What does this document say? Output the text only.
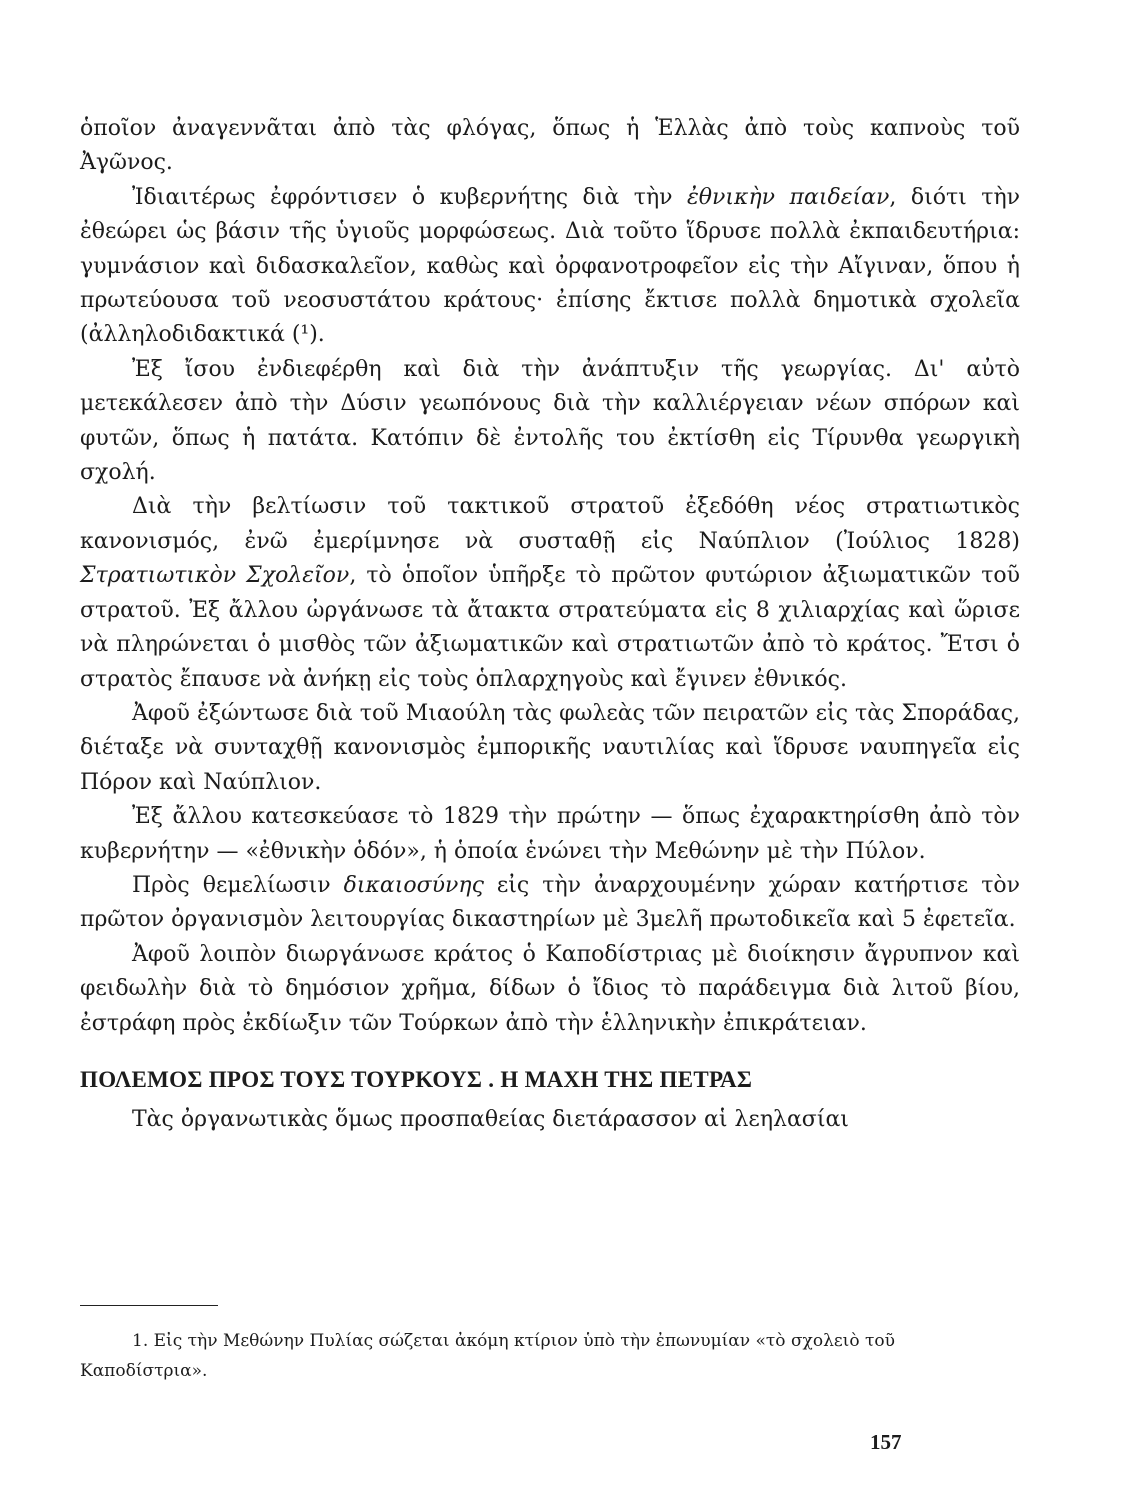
ὁποῖον ἀναγεννᾶται ἀπὸ τὰς φλόγας, ὅπως ἡ Ἑλλὰς ἀπὸ τοὺς καπνοὺς τοῦ Ἀγῶνος.

Ἰδιαιτέρως ἐφρόντισεν ὁ κυβερνήτης διὰ τὴν ἐθνικὴν παιδείαν, διότι τὴν ἐθεώρει ὡς βάσιν τῆς ὑγιοῦς μορφώσεως. Διὰ τοῦτο ἵδρυσε πολλὰ ἐκπαιδευτήρια: γυμνάσιον καὶ διδασκαλεῖον, καθὼς καὶ ὀρφανοτροφεῖον εἰς τὴν Αἴγιναν, ὅπου ἡ πρωτεύουσα τοῦ νεοσυστάτου κράτους· ἐπίσης ἔκτισε πολλὰ δημοτικὰ σχολεῖα (ἀλληλοδιδακτικά (¹).

Ἐξ ἴσου ἐνδιεφέρθη καὶ διὰ τὴν ἀνάπτυξιν τῆς γεωργίας. Δι' αὐτὸ μετεκάλεσεν ἀπὸ τὴν Δύσιν γεωπόνους διὰ τὴν καλλιέργειαν νέων σπόρων καὶ φυτῶν, ὅπως ἡ πατάτα. Κατόπιν δὲ ἐντολῆς του ἐκτίσθη εἰς Τίρυνθα γεωργικὴ σχολή.

Διὰ τὴν βελτίωσιν τοῦ τακτικοῦ στρατοῦ ἐξεδόθη νέος στρατιωτικὸς κανονισμός, ἐνῶ ἐμερίμνησε νὰ συσταθῇ εἰς Ναύπλιον (Ἰούλιος 1828) Στρατιωτικὸν Σχολεῖον, τὸ ὁποῖον ὑπῆρξε τὸ πρῶτον φυτώριον ἀξιωματικῶν τοῦ στρατοῦ. Ἐξ ἄλλου ὠργάνωσε τὰ ἄτακτα στρατεύματα εἰς 8 χιλιαρχίας καὶ ὥρισε νὰ πληρώνεται ὁ μισθὸς τῶν ἀξιωματικῶν καὶ στρατιωτῶν ἀπὸ τὸ κράτος. Ἔτσι ὁ στρατὸς ἔπαυσε νὰ ἀνήκῃ εἰς τοὺς ὁπλαρχηγοὺς καὶ ἔγινεν ἐθνικός.

Ἀφοῦ ἐξώντωσε διὰ τοῦ Μιαούλη τὰς φωλεὰς τῶν πειρατῶν εἰς τὰς Σποράδας, διέταξε νὰ συνταχθῇ κανονισμὸς ἐμπορικῆς ναυτιλίας καὶ ἵδρυσε ναυπηγεῖα εἰς Πόρον καὶ Ναύπλιον.

Ἐξ ἄλλου κατεσκεύασε τὸ 1829 τὴν πρώτην — ὅπως ἐχαρακτηρίσθη ἀπὸ τὸν κυβερνήτην — «ἐθνικὴν ὁδόν», ἡ ὁποία ἑνώνει τὴν Μεθώνην μὲ τὴν Πύλον.

Πρὸς θεμελίωσιν δικαιοσύνης εἰς τὴν ἀναρχουμένην χώραν κατήρτισε τὸν πρῶτον ὀργανισμὸν λειτουργίας δικαστηρίων μὲ 3μελῆ πρωτοδικεῖα καὶ 5 ἐφετεῖα.

Ἀφοῦ λοιπὸν διωργάνωσε κράτος ὁ Καποδίστριας μὲ διοίκησιν ἄγρυπνον καὶ φειδωλὴν διὰ τὸ δημόσιον χρῆμα, δίδων ὁ ἴδιος τὸ παράδειγμα διὰ λιτοῦ βίου, ἐστράφη πρὸς ἐκδίωξιν τῶν Τούρκων ἀπὸ τὴν ἑλληνικὴν ἐπικράτειαν.

ΠΟΛΕΜΟΣ ΠΡΟΣ ΤΟΥΣ ΤΟΥΡΚΟΥΣ . Η ΜΑΧΗ ΤΗΣ ΠΕΤΡΑΣ

Τὰς ὀργανωτικὰς ὅμως προσπαθείας διετάρασσον αἱ λεηλασίαι

1. Εἰς τὴν Μεθώνην Πυλίας σώζεται ἀκόμη κτίριον ὑπὸ τὴν ἐπωνυμίαν «τὸ σχολειὸ τοῦ Καποδίστρια».

157
